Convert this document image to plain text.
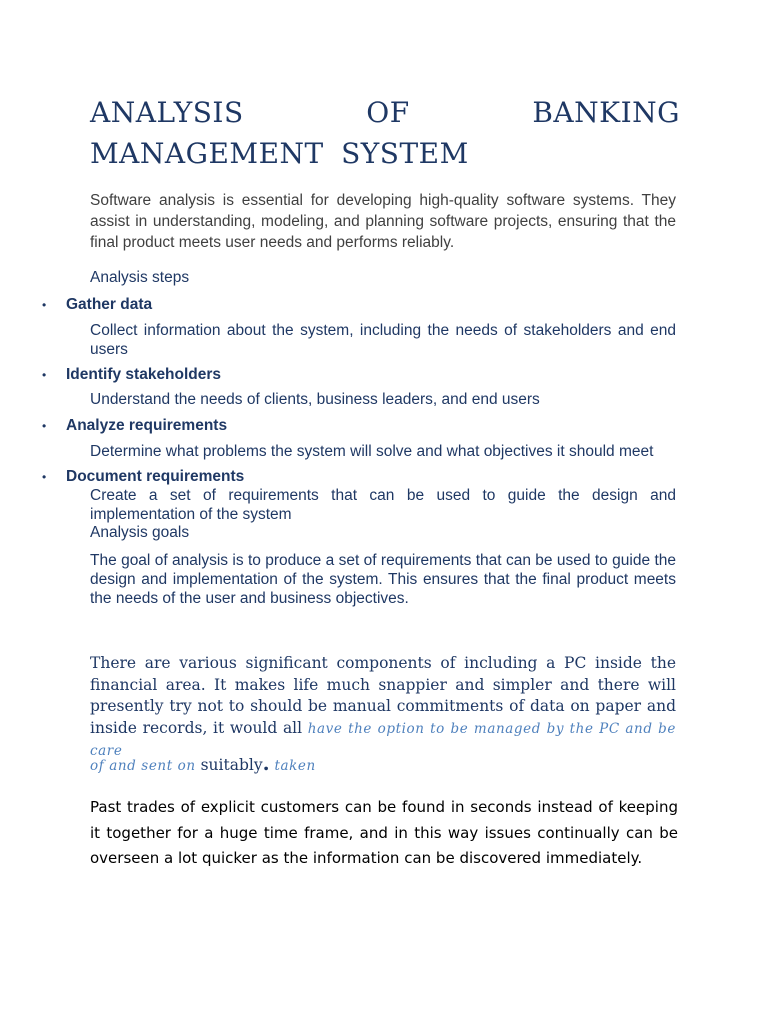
ANALYSIS OF BANKING MANAGEMENT SYSTEM

Software analysis is essential for developing high-quality software systems. They assist in understanding, modeling, and planning software projects, ensuring that the final product meets user needs and performs reliably.

Analysis steps

• Gather data

Collect information about the system, including the needs of stakeholders and end users

• Identify stakeholders

Understand the needs of clients, business leaders, and end users

• Analyze requirements

Determine what problems the system will solve and what objectives it should meet

• Document requirements

Create a set of requirements that can be used to guide the design and implementation of the system

Analysis goals

The goal of analysis is to produce a set of requirements that can be used to guide the design and implementation of the system. This ensures that the final product meets the needs of the user and business objectives.

There are various significant components of including a PC inside the financial area. It makes life much snappier and simpler and there will presently try not to should be manual commitments of data on paper and inside records, it would all have the option to be managed by the PC and be care

of and sent on suitably. taken

Past trades of explicit customers can be found in seconds instead of keeping it together for a huge time frame, and in this way issues continually can be overseen a lot quicker as the information can be discovered immediately.
